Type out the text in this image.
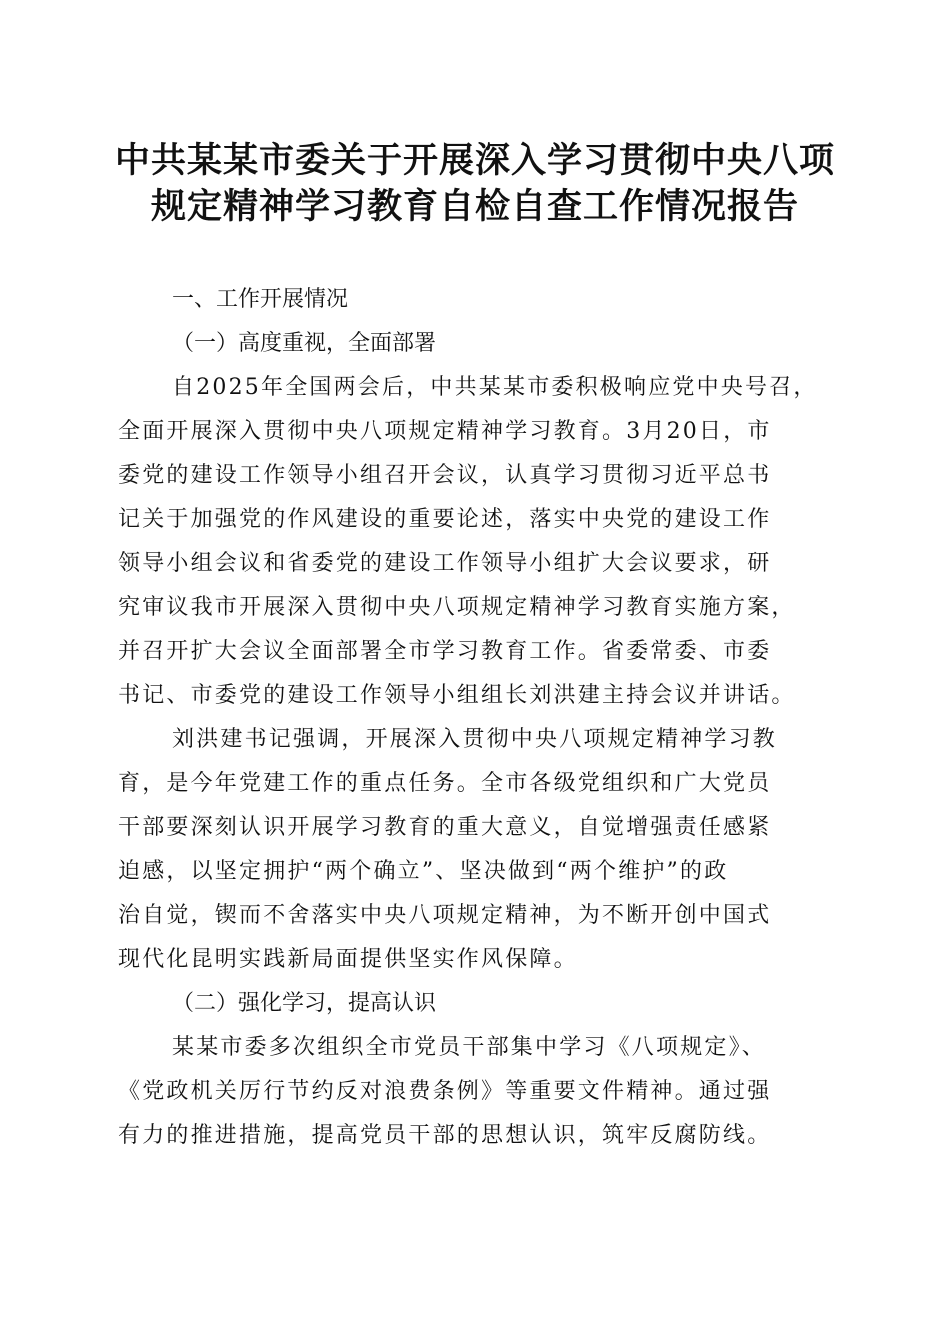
中共某某市委关于开展深入学习贯彻中央八项
规定精神学习教育自检自查工作情况报告
一、工作开展情况
（一）高度重视，全面部署
自2025年全国两会后，中共某某市委积极响应党中央号召，
全面开展深入贯彻中央八项规定精神学习教育。3月20日，市
委党的建设工作领导小组召开会议，认真学习贯彻习近平总书
记关于加强党的作风建设的重要论述，落实中央党的建设工作
领导小组会议和省委党的建设工作领导小组扩大会议要求，研
究审议我市开展深入贯彻中央八项规定精神学习教育实施方案，
并召开扩大会议全面部署全市学习教育工作。省委常委、市委
书记、市委党的建设工作领导小组组长刘洪建主持会议并讲话。
刘洪建书记强调，开展深入贯彻中央八项规定精神学习教
育，是今年党建工作的重点任务。全市各级党组织和广大党员
干部要深刻认识开展学习教育的重大意义，自觉增强责任感紧
迫感，以坚定拥护“两个确立”、坚决做到“两个维护”的政
治自觉，锲而不舍落实中央八项规定精神，为不断开创中国式
现代化昆明实践新局面提供坚实作风保障。
（二）强化学习，提高认识
某某市委多次组织全市党员干部集中学习《八项规定》、
《党政机关厉行节约反对浪费条例》等重要文件精神。通过强
有力的推进措施，提高党员干部的思想认识，筑牢反腐防线。
